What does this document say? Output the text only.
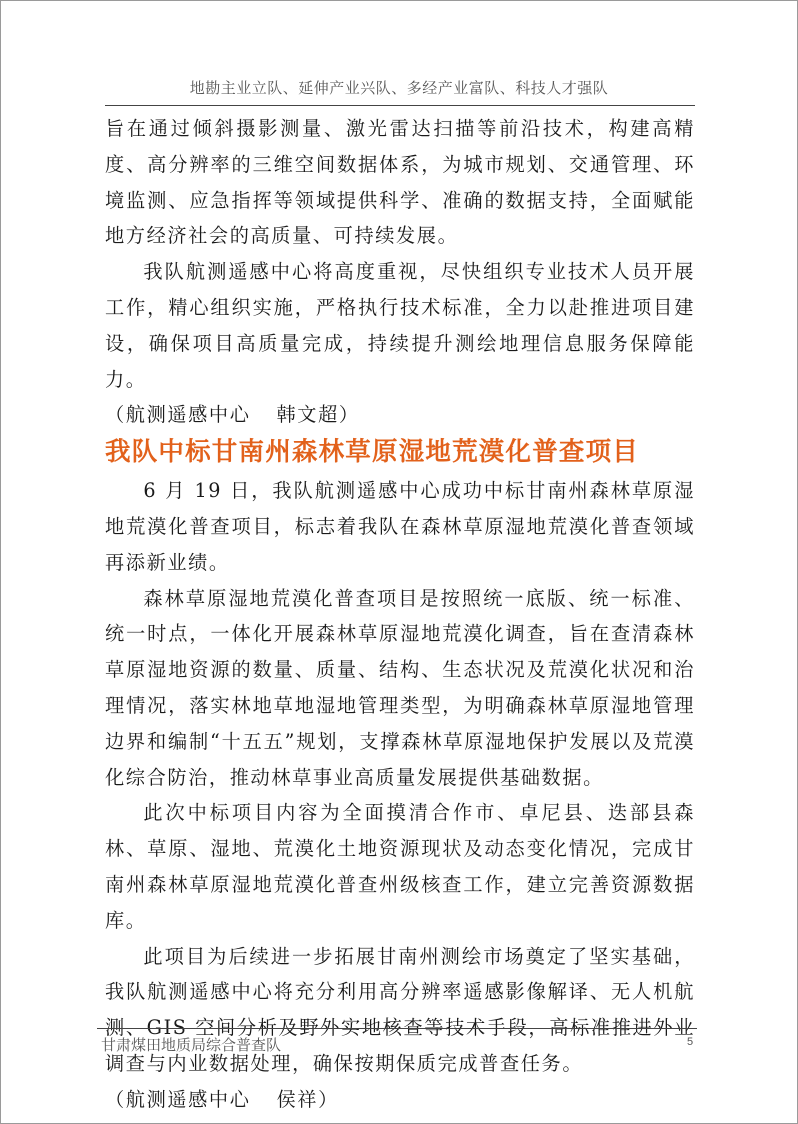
地勘主业立队、延伸产业兴队、多经产业富队、科技人才强队

旨在通过倾斜摄影测量、激光雷达扫描等前沿技术，构建高精度、高分辨率的三维空间数据体系，为城市规划、交通管理、环境监测、应急指挥等领域提供科学、准确的数据支持，全面赋能地方经济社会的高质量、可持续发展。

我队航测遥感中心将高度重视，尽快组织专业技术人员开展工作，精心组织实施，严格执行技术标准，全力以赴推进项目建设，确保项目高质量完成，持续提升测绘地理信息服务保障能力。

（航测遥感中心 韩文超）

我队中标甘南州森林草原湿地荒漠化普查项目

6 月 19 日，我队航测遥感中心成功中标甘南州森林草原湿地荒漠化普查项目，标志着我队在森林草原湿地荒漠化普查领域再添新业绩。

森林草原湿地荒漠化普查项目是按照统一底版、统一标准、统一时点，一体化开展森林草原湿地荒漠化调查，旨在查清森林草原湿地资源的数量、质量、结构、生态状况及荒漠化状况和治理情况，落实林地草地湿地管理类型，为明确森林草原湿地管理边界和编制“十五五”规划，支撑森林草原湿地保护发展以及荒漠化综合防治，推动林草事业高质量发展提供基础数据。

此次中标项目内容为全面摸清合作市、卓尼县、迭部县森林、草原、湿地、荒漠化土地资源现状及动态变化情况，完成甘南州森林草原湿地荒漠化普查州级核查工作，建立完善资源数据库。

此项目为后续进一步拓展甘南州测绘市场奠定了坚实基础，我队航测遥感中心将充分利用高分辨率遥感影像解译、无人机航测、GIS 空间分析及野外实地核查等技术手段，高标准推进外业调查与内业数据处理，确保按期保质完成普查任务。

（航测遥感中心 侯祥）

甘肃煤田地质局综合普查队	5
